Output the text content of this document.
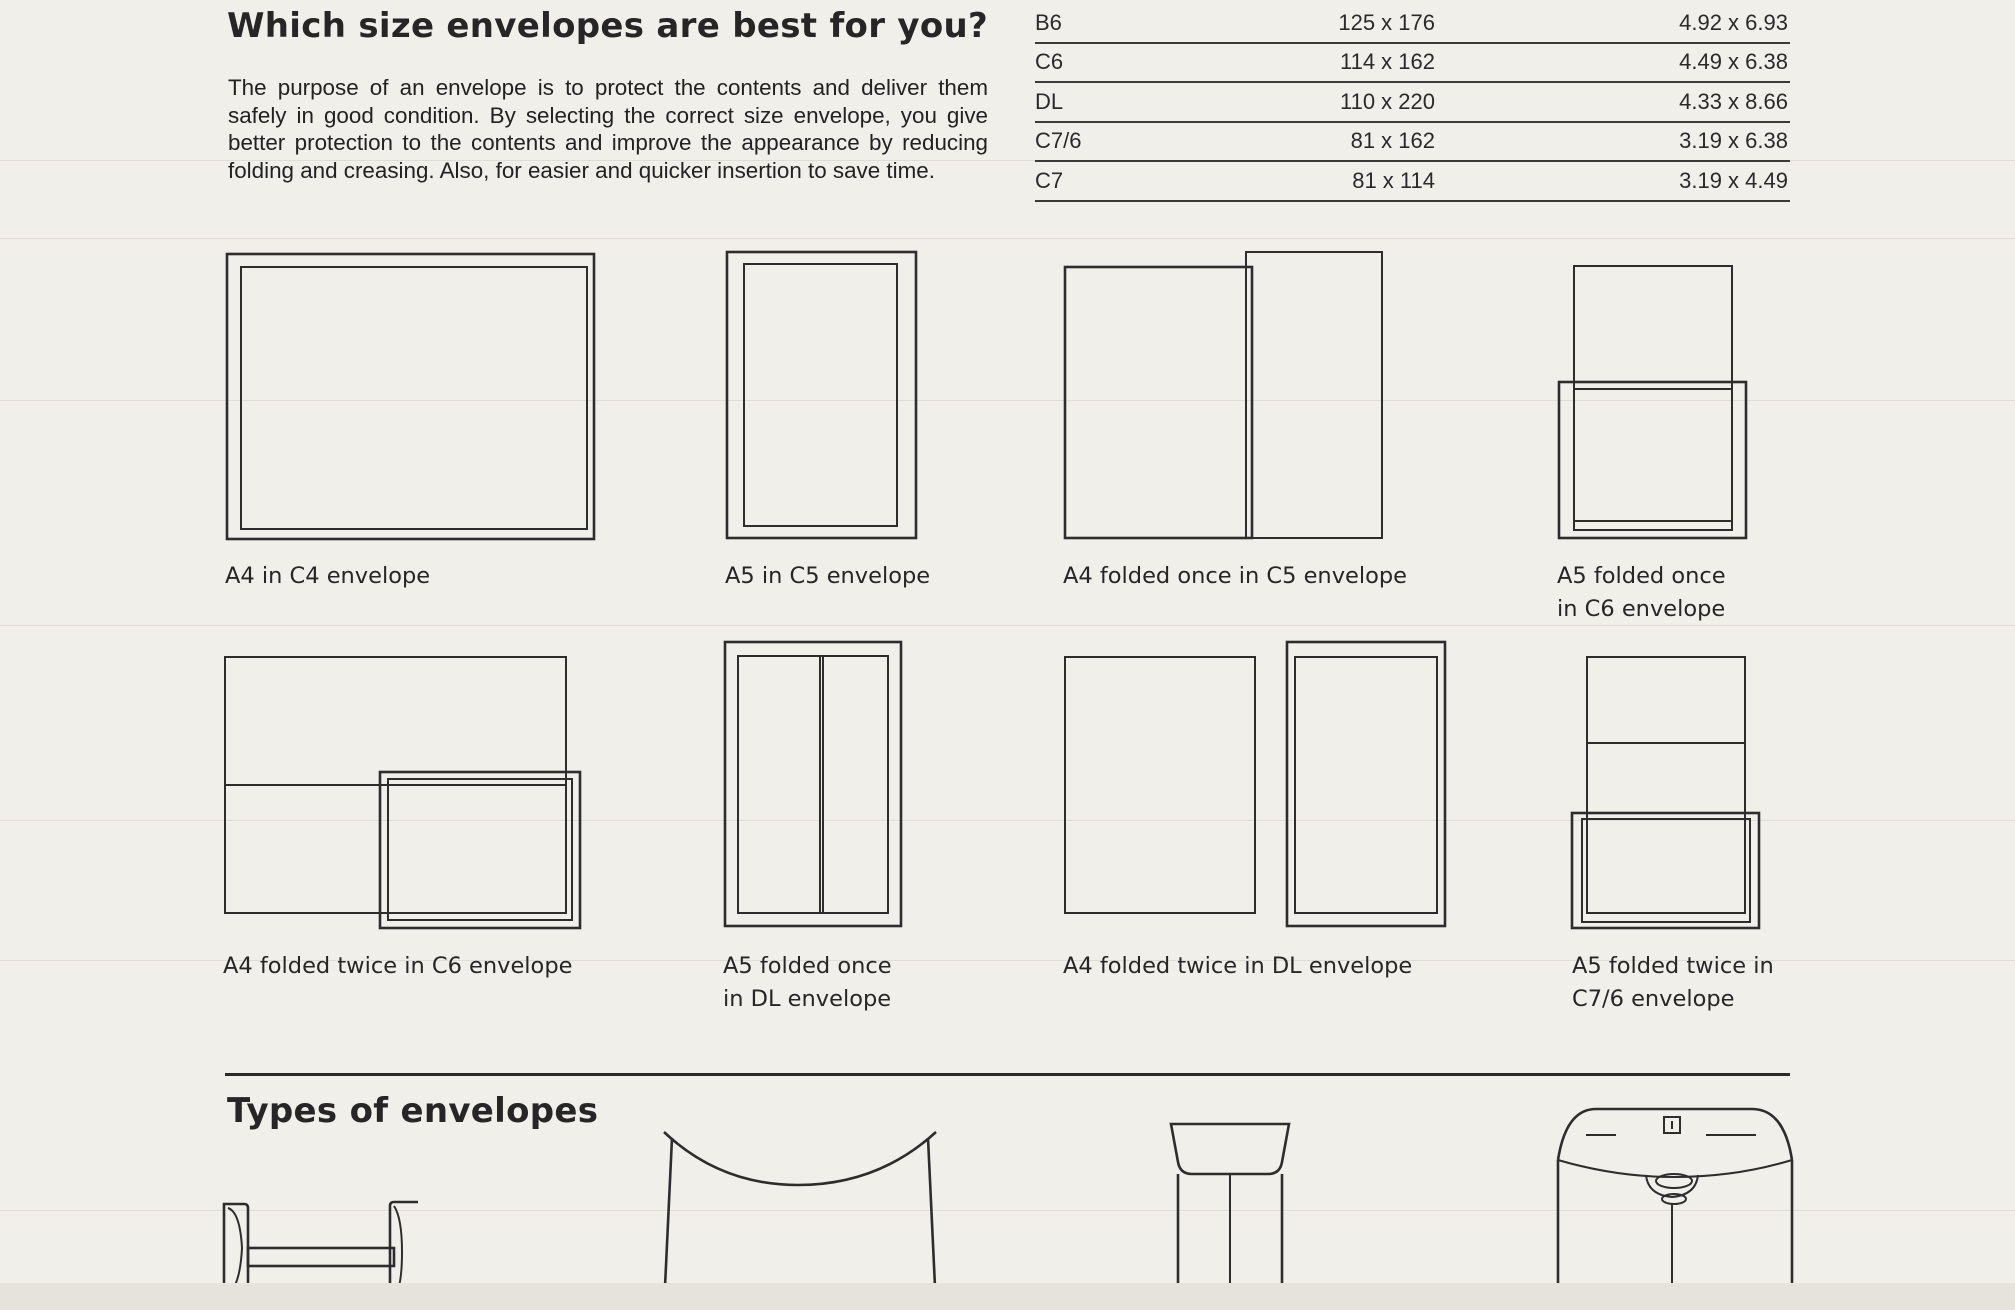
Which size envelopes are best for you?

The purpose of an envelope is to protect the contents and deliver them safely in good condition. By selecting the correct size envelope, you give better protection to the contents and improve the appearance by reducing folding and creasing. Also, for easier and quicker insertion to save time.

B6	125 x 176	4.92 x 6.93
C6	114 x 162	4.49 x 6.38
DL	110 x 220	4.33 x 8.66
C7/6	81 x 162	3.19 x 6.38
C7	81 x 114	3.19 x 4.49

A4 in C4 envelope	A5 in C5 envelope	A4 folded once in C5 envelope	A5 folded once
in C6 envelope

A4 folded twice in C6 envelope	A5 folded once
in DL envelope

A4 folded twice in DL envelope	A5 folded twice in
C7/6 envelope

Types of envelopes
